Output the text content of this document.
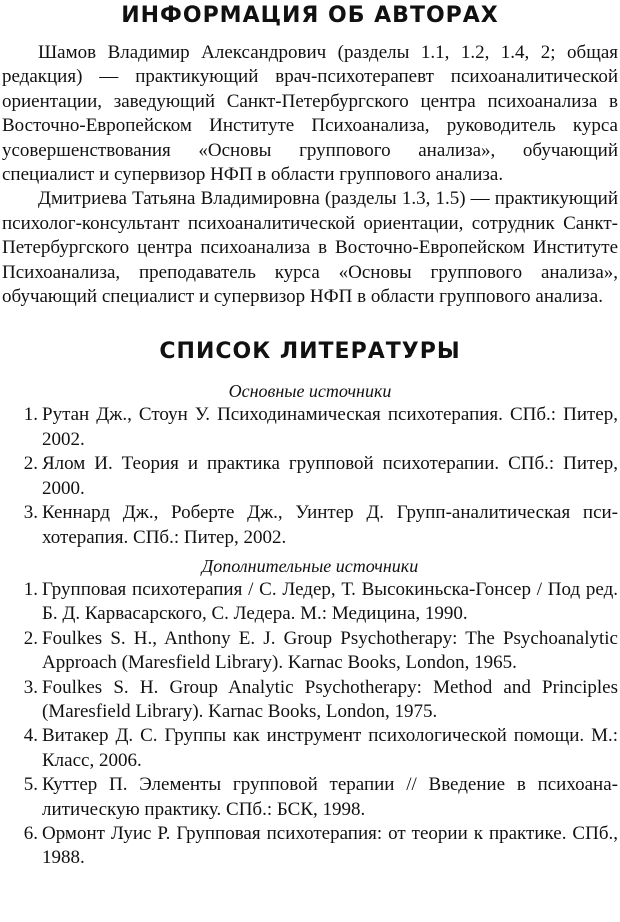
ИНФОРМАЦИЯ ОБ АВТОРАХ

Шамов Владимир Александрович (разделы 1.1, 1.2, 1.4, 2; общая редакция) — практикующий врач-психотерапевт психоаналитической ориентации, заведующий Санкт-Петербургского центра психоанализа в Восточно-Европейском Институте Психоанализа, руководитель курса усовершенствования «Основы группового анализа», обучающий специалист и супервизор НФП в области группового анализа.

Дмитриева Татьяна Владимировна (разделы 1.3, 1.5) — практикующий психолог-консультант психоаналитической ориентации, сотрудник Санкт-Петербургского центра психоанализа в Восточно-Европейском Институте Психоанализа, преподаватель курса «Основы группового анализа», обучающий специалист и супервизор НФП в области группового анализа.

СПИСОК ЛИТЕРАТУРЫ

Основные источники

1. Рутан Дж., Стоун У. Психодинамическая психотерапия. СПб.: Питер, 2002.
2. Ялом И. Теория и практика групповой психотерапии. СПб.: Питер, 2000.
3. Кеннард Дж., Роберте Дж., Уинтер Д. Групп-аналитическая психотерапия. СПб.: Питер, 2002.

Дополнительные источники

1. Групповая психотерапия / С. Ледер, Т. Высокиньска-Гонсер / Под ред. Б. Д. Карвасарского, С. Ледера. М.: Медицина, 1990.
2. Foulkes S. H., Anthony E. J. Group Psychotherapy: The Psychoanalytic Approach (Maresfield Library). Karnac Books, London, 1965.
3. Foulkes S. H. Group Analytic Psychotherapy: Method and Principles (Maresfield Library). Karnac Books, London, 1975.
4. Витакер Д. С. Группы как инструмент психологической помощи. М.: Класс, 2006.
5. Куттер П. Элементы групповой терапии // Введение в психоаналитическую практику. СПб.: БСК, 1998.
6. Ормонт Луис Р. Групповая психотерапия: от теории к практике. СПб., 1988.
